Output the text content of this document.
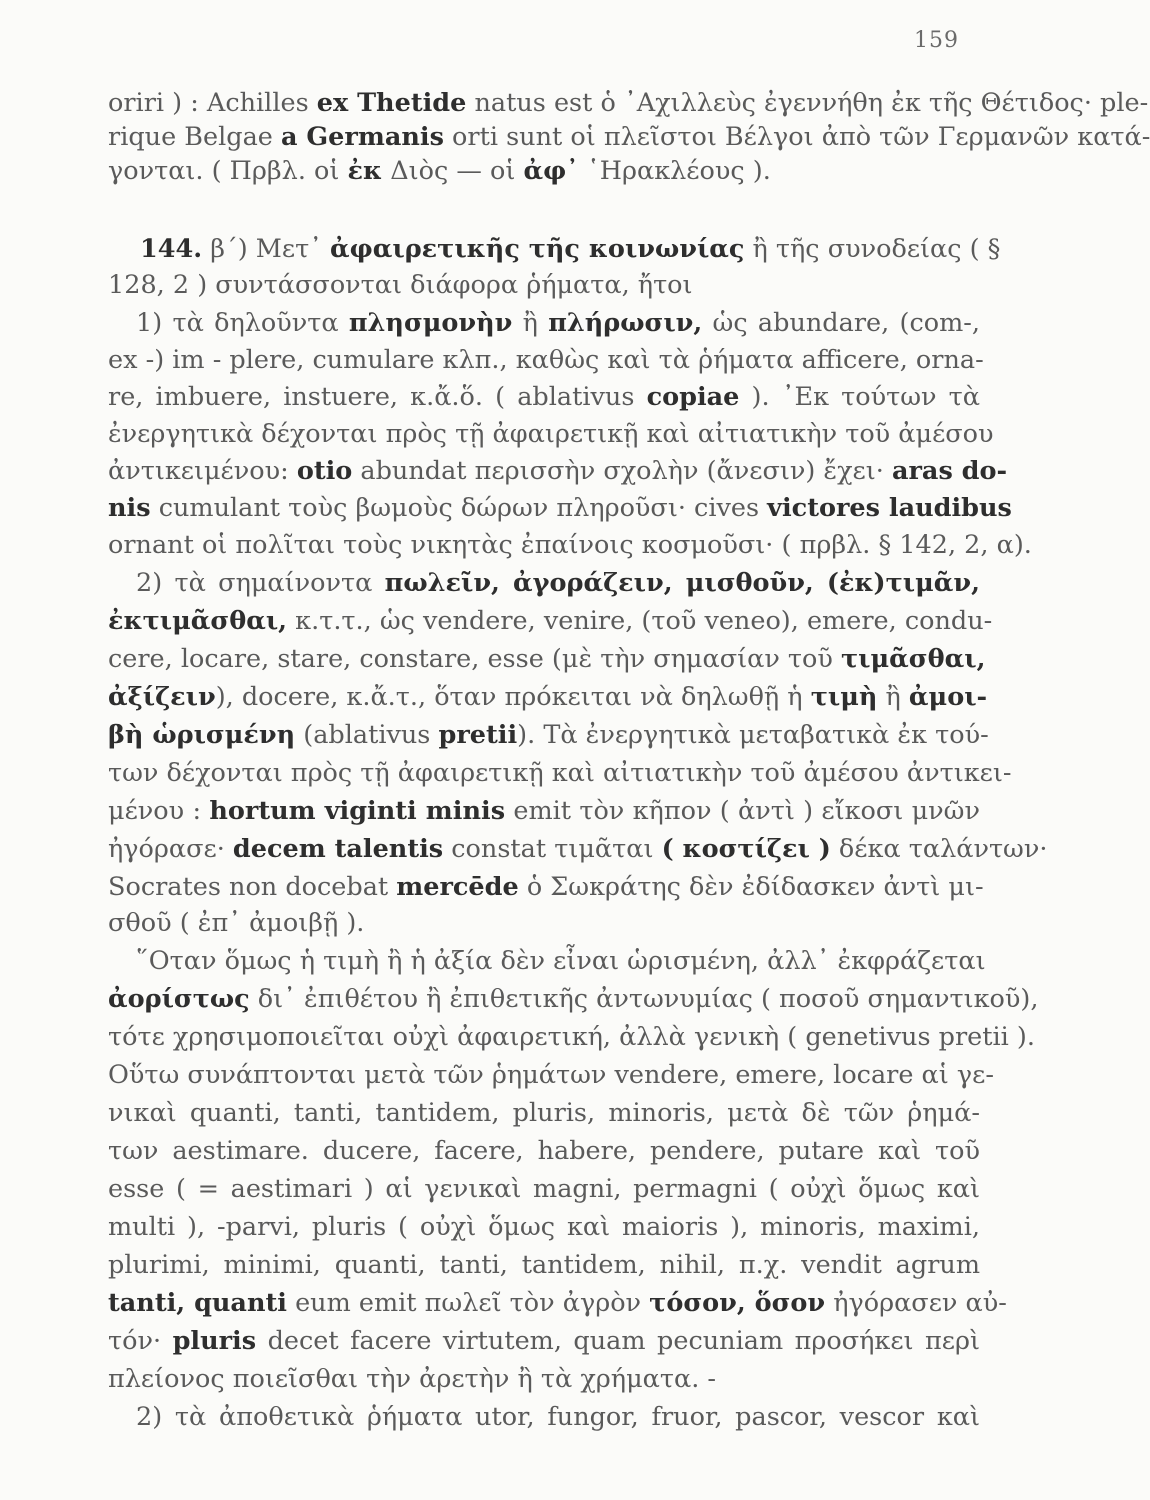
159
oriri ) : Achilles ex Thetide natus est ὁ ᾿Αχιλλεὺς ἐγεννήθη ἐκ τῆς Θέτιδος· ple-
rique Belgae a Germanis orti sunt οἱ πλεῖστοι Βέλγοι ἀπὸ τῶν Γερμανῶν κατά-
γονται. ( Πρβλ. οἱ ἐκ Διὸς — οἱ ἀφ᾿ ῾Ηρακλέους ).
144. β΄) Μετ᾿ ἀφαιρετικῆς τῆς κοινωνίας ἢ τῆς συνοδείας ( §
128, 2 ) συντάσσονται διάφορα ῥήματα, ἤτοι
1) τὰ δηλοῦντα πλησμονὴν ἢ πλήρωσιν, ὡς abundare, (com-,
ex -) im - plere, cumulare κλπ., καθὼς καὶ τὰ ῥήματα afficere, orna-
re, imbuere, instuere, κ.ἄ.ὅ. ( ablativus copiae ). ᾿Εκ τούτων τὰ
ἐνεργητικὰ δέχονται πρὸς τῇ ἀφαιρετικῇ καὶ αἰτιατικὴν τοῦ ἀμέσου
ἀντικειμένου: otio abundat περισσὴν σχολὴν (ἄνεσιν) ἔχει· aras do-
nis cumulant τοὺς βωμοὺς δώρων πληροῦσι· cives victores laudibus
ornant οἱ πολῖται τοὺς νικητὰς ἐπαίνοις κοσμοῦσι· ( πρβλ. § 142, 2, α).
2) τὰ σημαίνοντα πωλεῖν, ἀγοράζειν, μισθοῦν, (ἐκ)τιμᾶν,
ἐκτιμᾶσθαι, κ.τ.τ., ὡς vendere, venire, (τοῦ veneo), emere, condu-
cere, locare, stare, constare, esse (μὲ τὴν σημασίαν τοῦ τιμᾶσθαι,
ἀξίζειν), docere, κ.ἄ.τ., ὅταν πρόκειται νὰ δηλωθῇ ἡ τιμὴ ἢ ἀμοι-
βὴ ὡρισμένη (ablativus pretii). Τὰ ἐνεργητικὰ μεταβατικὰ ἐκ τού-
των δέχονται πρὸς τῇ ἀφαιρετικῇ καὶ αἰτιατικὴν τοῦ ἀμέσου ἀντικει-
μένου : hortum viginti minis emit τὸν κῆπον ( ἀντὶ ) εἴκοσι μνῶν
ἠγόρασε· decem talentis constat τιμᾶται ( κοστίζει ) δέκα ταλάντων·
Socrates non docebat mercēde ὁ Σωκράτης δὲν ἐδίδασκεν ἀντὶ μι-
σθοῦ ( ἐπ᾿ ἀμοιβῇ ).
῞Οταν ὅμως ἡ τιμὴ ἢ ἡ ἀξία δὲν εἶναι ὡρισμένη, ἀλλ᾿ ἐκφράζεται
ἀορίστως δι᾿ ἐπιθέτου ἢ ἐπιθετικῆς ἀντωνυμίας ( ποσοῦ σημαντικοῦ),
τότε χρησιμοποιεῖται οὐχὶ ἀφαιρετική, ἀλλὰ γενικὴ ( genetivus pretii ).
Οὕτω συνάπτονται μετὰ τῶν ῥημάτων vendere, emere, locare αἱ γε-
νικαὶ quanti, tanti, tantidem, pluris, minoris, μετὰ δὲ τῶν ῥημά-
των aestimare. ducere, facere, habere, pendere, putare καὶ τοῦ
esse ( = aestimari ) αἱ γενικαὶ magni, permagni ( οὐχὶ ὅμως καὶ
multi ), -parvi, pluris ( οὐχὶ ὅμως καὶ maioris ), minoris, maximi,
plurimi, minimi, quanti, tanti, tantidem, nihil, π.χ. vendit agrum
tanti, quanti eum emit πωλεῖ τὸν ἀγρὸν τόσον, ὅσον ἠγόρασεν αὐ-
τόν· pluris decet facere virtutem, quam pecuniam προσήκει περὶ
πλείονος ποιεῖσθαι τὴν ἀρετὴν ἢ τὰ χρήματα. -
2) τὰ ἀποθετικὰ ῥήματα utor, fungor, fruor, pascor, vescor καὶ
